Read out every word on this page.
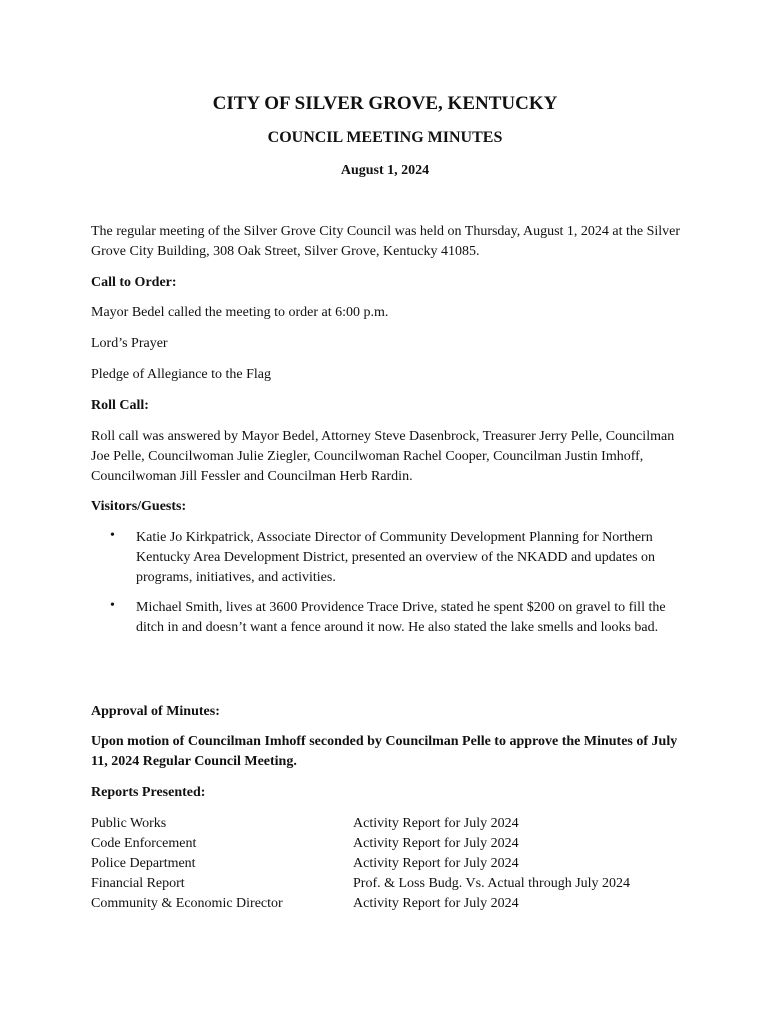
CITY OF SILVER GROVE, KENTUCKY
COUNCIL MEETING MINUTES
August 1, 2024
The regular meeting of the Silver Grove City Council was held on Thursday, August 1, 2024 at the Silver Grove City Building, 308 Oak Street, Silver Grove, Kentucky 41085.
Call to Order:
Mayor Bedel called the meeting to order at 6:00 p.m.
Lord’s Prayer
Pledge of Allegiance to the Flag
Roll Call:
Roll call was answered by Mayor Bedel, Attorney Steve Dasenbrock, Treasurer Jerry Pelle, Councilman Joe Pelle, Councilwoman Julie Ziegler, Councilwoman Rachel Cooper, Councilman Justin Imhoff, Councilwoman Jill Fessler and Councilman Herb Rardin.
Visitors/Guests:
• Katie Jo Kirkpatrick, Associate Director of Community Development Planning for Northern Kentucky Area Development District, presented an overview of the NKADD and updates on programs, initiatives, and activities.
• Michael Smith, lives at 3600 Providence Trace Drive, stated he spent $200 on gravel to fill the ditch in and doesn’t want a fence around it now. He also stated the lake smells and looks bad.
Approval of Minutes:
Upon motion of Councilman Imhoff seconded by Councilman Pelle to approve the Minutes of July 11, 2024 Regular Council Meeting.
Reports Presented:
Public Works	Activity Report for July 2024
Code Enforcement	Activity Report for July 2024
Police Department	Activity Report for July 2024
Financial Report	Prof. & Loss Budg. Vs. Actual through July 2024
Community & Economic Director	Activity Report for July 2024
